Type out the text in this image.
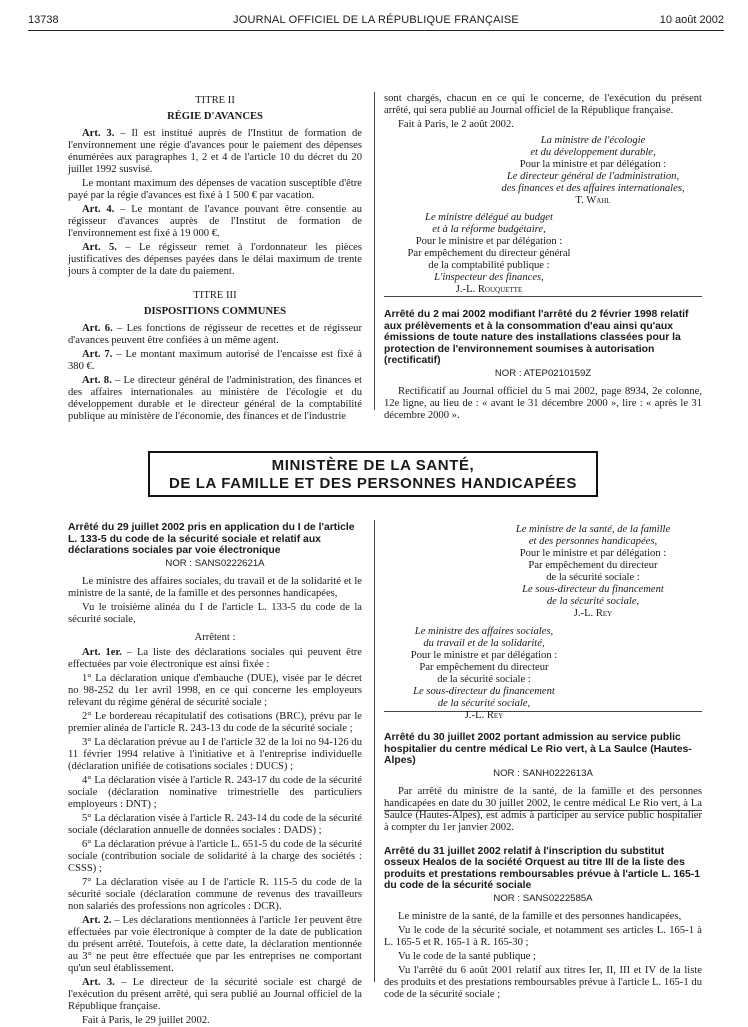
13738	JOURNAL OFFICIEL DE LA RÉPUBLIQUE FRANÇAISE	10 août 2002
TITRE II
RÉGIE D'AVANCES

Art. 3. – Il est institué auprès de l'Institut de formation de l'environnement une régie d'avances pour le paiement des dépenses énumérées aux paragraphes 1, 2 et 4 de l'article 10 du décret du 20 juillet 1992 susvisé.

Le montant maximum des dépenses de vacation susceptible d'être payé par la régie d'avances est fixé à 1 500 € par vacation.

Art. 4. – Le montant de l'avance pouvant être consentie au régisseur d'avances auprès de l'Institut de formation de l'environnement est fixé à 19 000 €.

Art. 5. – Le régisseur remet à l'ordonnateur les pièces justificatives des dépenses payées dans le délai maximum de trente jours à compter de la date du paiement.

TITRE III
DISPOSITIONS COMMUNES

Art. 6. – Les fonctions de régisseur de recettes et de régisseur d'avances peuvent être confiées à un même agent.

Art. 7. – Le montant maximum autorisé de l'encaisse est fixé à 380 €.

Art. 8. – Le directeur général de l'administration, des finances et des affaires internationales au ministère de l'écologie et du développement durable et le directeur général de la comptabilité publique au ministère de l'économie, des finances et de l'industrie

sont chargés, chacun en ce qui le concerne, de l'exécution du présent arrêté, qui sera publié au Journal officiel de la République française.

Fait à Paris, le 2 août 2002.

La ministre de l'écologie
et du développement durable,
Pour la ministre et par délégation :
Le directeur général de l'administration,
des finances et des affaires internationales,
T. Wahl
Le ministre délégué au budget
et à la réforme budgétaire,
Pour le ministre et par délégation :
Par empêchement du directeur général
de la comptabilité publique :
L'inspecteur des finances,
J.-L. Rouquette
Arrêté du 2 mai 2002 modifiant l'arrêté du 2 février 1998 relatif aux prélèvements et à la consommation d'eau ainsi qu'aux émissions de toute nature des installations classées pour la protection de l'environnement soumises à autorisation (rectificatif)
NOR : ATEP0210159Z

Rectificatif au Journal officiel du 5 mai 2002, page 8934, 2e colonne, 12e ligne, au lieu de : « avant le 31 décembre 2000 », lire : « après le 31 décembre 2000 ».

MINISTÈRE DE LA SANTÉ,
DE LA FAMILLE ET DES PERSONNES HANDICAPÉES
Arrêté du 29 juillet 2002 pris en application du I de l'article L. 133-5 du code de la sécurité sociale et relatif aux déclarations sociales par voie électronique
NOR : SANS0222621A

Le ministre des affaires sociales, du travail et de la solidarité et le ministre de la santé, de la famille et des personnes handicapées,

Vu le troisième alinéa du I de l'article L. 133-5 du code de la sécurité sociale,

Arrêtent :

Art. 1er. – La liste des déclarations sociales qui peuvent être effectuées par voie électronique est ainsi fixée :

1° La déclaration unique d'embauche (DUE), visée par le décret no 98-252 du 1er avril 1998, en ce qui concerne les employeurs relevant du régime général de sécurité sociale ;

2° Le bordereau récapitulatif des cotisations (BRC), prévu par le premier alinéa de l'article R. 243-13 du code de la sécurité sociale ;

3° La déclaration prévue au I de l'article 32 de la loi no 94-126 du 11 février 1994 relative à l'initiative et à l'entreprise individuelle (déclaration unifiée de cotisations sociales : DUCS) ;

4° La déclaration visée à l'article R. 243-17 du code de la sécurité sociale (déclaration nominative trimestrielle des particuliers employeurs : DNT) ;

5° La déclaration visée à l'article R. 243-14 du code de la sécurité sociale (déclaration annuelle de données sociales : DADS) ;

6° La déclaration prévue à l'article L. 651-5 du code de la sécurité sociale (contribution sociale de solidarité à la charge des sociétés : CSSS) ;

7° La déclaration visée au I de l'article R. 115-5 du code de la sécurité sociale (déclaration commune de revenus des travailleurs non salariés des professions non agricoles : DCR).

Art. 2. – Les déclarations mentionnées à l'article 1er peuvent être effectuées par voie électronique à compter de la date de publication du présent arrêté. Toutefois, à cette date, la déclaration mentionnée au 3° ne peut être effectuée que par les entreprises ne comportant qu'un seul établissement.

Art. 3. – Le directeur de la sécurité sociale est chargé de l'exécution du présent arrêté, qui sera publié au Journal officiel de la République française.

Fait à Paris, le 29 juillet 2002.

Le ministre de la santé, de la famille
et des personnes handicapées,
Pour le ministre et par délégation :
Par empêchement du directeur
de la sécurité sociale :
Le sous-directeur du financement
de la sécurité sociale,
J.-L. Rey
Le ministre des affaires sociales,
du travail et de la solidarité,
Pour le ministre et par délégation :
Par empêchement du directeur
de la sécurité sociale :
Le sous-directeur du financement
de la sécurité sociale,
J.-L. Rey
Arrêté du 30 juillet 2002 portant admission au service public hospitalier du centre médical Le Rio vert, à La Saulce (Hautes-Alpes)
NOR : SANH0222613A

Par arrêté du ministre de la santé, de la famille et des personnes handicapées en date du 30 juillet 2002, le centre médical Le Rio vert, à La Saulce (Hautes-Alpes), est admis à participer au service public hospitalier à compter du 1er janvier 2002.

Arrêté du 31 juillet 2002 relatif à l'inscription du substitut osseux Healos de la société Orquest au titre III de la liste des produits et prestations remboursables prévue à l'article L. 165-1 du code de la sécurité sociale
NOR : SANS0222585A

Le ministre de la santé, de la famille et des personnes handicapées,

Vu le code de la sécurité sociale, et notamment ses articles L. 165-1 à L. 165-5 et R. 165-1 à R. 165-30 ;

Vu le code de la santé publique ;

Vu l'arrêté du 6 août 2001 relatif aux titres Ier, II, III et IV de la liste des produits et des prestations remboursables prévue à l'article L. 165-1 du code de la sécurité sociale ;
